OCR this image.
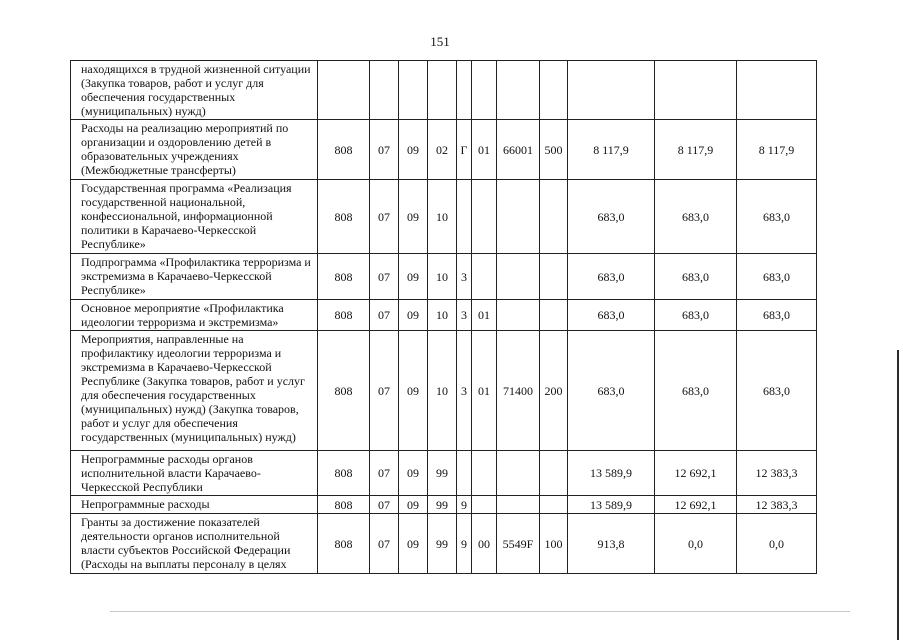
151
находящихся в трудной жизненной ситуации (Закупка товаров, работ и услуг для обеспечения государственных (муниципальных) нужд)											
Расходы на реализацию мероприятий по организации и оздоровлению детей в образовательных учреждениях (Межбюджетные трансферты)	808	07	09	02	Г	01	66001	500	8 117,9	8 117,9	8 117,9
Государственная программа «Реализация государственной национальной, конфессиональной, информационной политики в Карачаево-Черкесской Республике»	808	07	09	10					683,0	683,0	683,0
Подпрограмма «Профилактика терроризма и экстремизма в Карачаево-Черкесской Республике»	808	07	09	10	3				683,0	683,0	683,0
Основное мероприятие «Профилактика идеологии терроризма и экстремизма»	808	07	09	10	3	01			683,0	683,0	683,0
Мероприятия, направленные на профилактику идеологии терроризма и экстремизма в Карачаево-Черкесской Республике (Закупка товаров, работ и услуг для обеспечения государственных (муниципальных) нужд) (Закупка товаров, работ и услуг для обеспечения государственных (муниципальных) нужд)	808	07	09	10	3	01	71400	200	683,0	683,0	683,0
Непрограммные расходы органов исполнительной власти Карачаево-Черкесской Республики	808	07	09	99					13 589,9	12 692,1	12 383,3
Непрограммные расходы	808	07	09	99	9				13 589,9	12 692,1	12 383,3
Гранты за достижение показателей деятельности органов исполнительной власти субъектов Российской Федерации (Расходы на выплаты персоналу в целях	808	07	09	99	9	00	5549F	100	913,8	0,0	0,0
